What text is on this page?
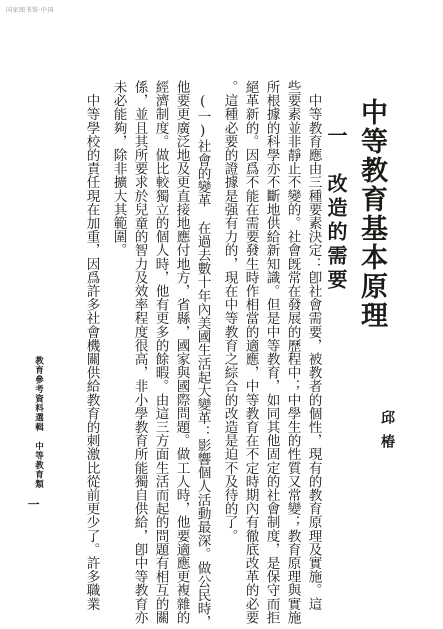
国家图书馆·中国
中等教育基本原理
邱椿
一　改造的需要
　中等教育應由三種要素決定：卽社會需要，被教者的個性，現有的教育原理及實施。這
些要素並非靜止不變的。社會旣常在發展的歷程中；中學生的性質又常變；教育原理與實施
所根據的科學亦不斷地供給新知識。但是中等教育，如同其他固定的社會制度，是保守而拒
絕革新的。因爲不能在需要發生時作相當的適應，中等教育在不定時期內有徹底改革的必要
。這種必要的證據是强有力的，現在中等教育之綜合的改造是迫不及待的了。
　(一)社會的變革　在過去數十年內美國生活起大變革：影響個人活動最深。做公民時，
他要更廣泛地及更直接地應付地方，省縣，國家與國際問題。做工人時，他要適應更複雜的
經濟制度。做比較獨立的個人時，他有更多的餘暇。由這三方面生活而起的問題有相互的關
係，並且其所要求於兒童的智力及效率程度很高，非小學教育所能獨自供給，卽中等教育亦
未必能夠，除非擴大其範圍。
　中等學校的責任現在加重，因爲許多社會機關供給教育的刺激比從前更少了。許多職業
教育參考資料選輯　中等教育類
一
